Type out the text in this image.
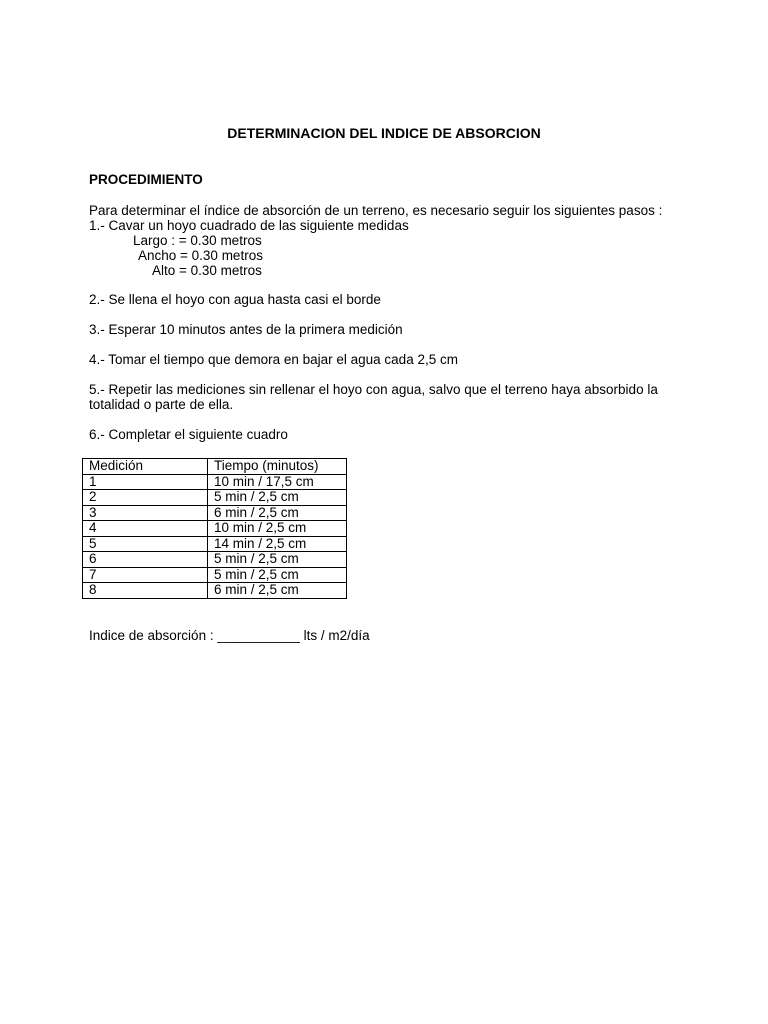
DETERMINACION DEL INDICE DE ABSORCION
PROCEDIMIENTO
Para determinar el índice de absorción de un terreno, es necesario seguir los siguientes pasos :
1.- Cavar un hoyo cuadrado de las siguiente medidas
Largo : = 0.30 metros
Ancho = 0.30 metros
Alto = 0.30 metros
2.- Se llena el hoyo con agua hasta casi el borde
3.- Esperar 10 minutos antes de la primera medición
4.- Tomar el tiempo que demora en bajar el agua cada 2,5 cm
5.- Repetir las mediciones sin rellenar el hoyo con agua, salvo que el terreno haya absorbido la
totalidad o parte de ella.
6.- Completar el siguiente cuadro
Medición	Tiempo (minutos)
1	10 min / 17,5 cm
2	5 min / 2,5 cm
3	6 min / 2,5 cm
4	10 min / 2,5 cm
5	14 min / 2,5 cm
6	5 min / 2,5 cm
7	5 min / 2,5 cm
8	6 min / 2,5 cm
Indice de absorción : ___________ lts / m2/día
